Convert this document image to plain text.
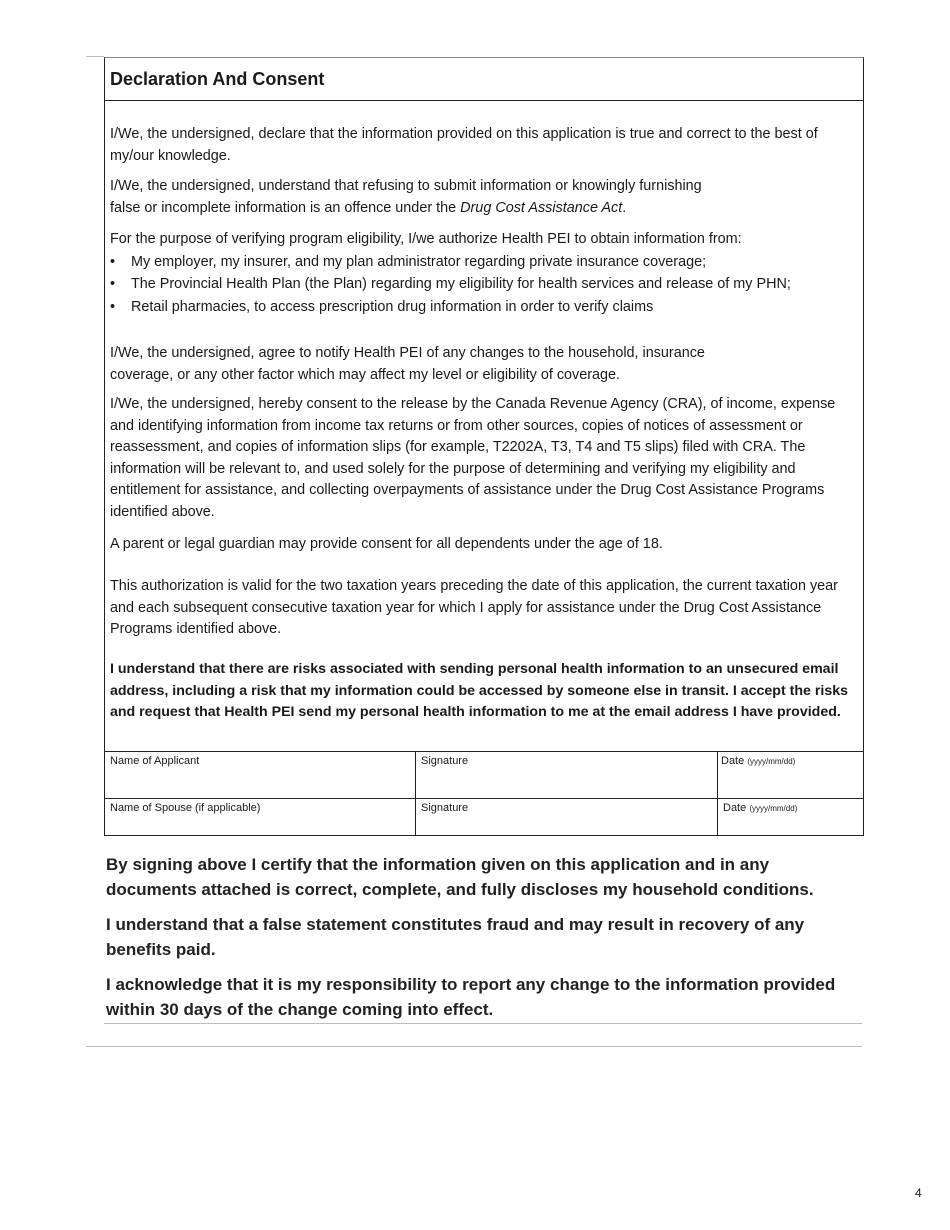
Declaration And Consent

I/We, the undersigned, declare that the information provided on this application is true and correct to the best of my/our knowledge.

I/We, the undersigned, understand that refusing to submit information or knowingly furnishing false or incomplete information is an offence under the Drug Cost Assistance Act.

For the purpose of verifying program eligibility, I/we authorize Health PEI to obtain information from:

• My employer, my insurer, and my plan administrator regarding private insurance coverage;
• The Provincial Health Plan (the Plan) regarding my eligibility for health services and release of my PHN;
• Retail pharmacies, to access prescription drug information in order to verify claims

I/We, the undersigned, agree to notify Health PEI of any changes to the household, insurance coverage, or any other factor which may affect my level or eligibility of coverage.

I/We, the undersigned, hereby consent to the release by the Canada Revenue Agency (CRA), of income, expense and identifying information from income tax returns or from other sources, copies of notices of assessment or reassessment, and copies of information slips (for example, T2202A, T3, T4 and T5 slips) filed with CRA. The information will be relevant to, and used solely for the purpose of determining and verifying my eligibility and entitlement for assistance, and collecting overpayments of assistance under the Drug Cost Assistance Programs identified above.

A parent or legal guardian may provide consent for all dependents under the age of 18.

This authorization is valid for the two taxation years preceding the date of this application, the current taxation year and each subsequent consecutive taxation year for which I apply for assistance under the Drug Cost Assistance Programs identified above.

I understand that there are risks associated with sending personal health information to an unsecured email address, including a risk that my information could be accessed by someone else in transit. I accept the risks and request that Health PEI send my personal health information to me at the email address I have provided.

Name of Applicant	Signature	Date (yyyy/mm/dd)
Name of Spouse (if applicable)	Signature	Date (yyyy/mm/dd)

By signing above I certify that the information given on this application and in any documents attached is correct, complete, and fully discloses my household conditions.

I understand that a false statement constitutes fraud and may result in recovery of any benefits paid.

I acknowledge that it is my responsibility to report any change to the information provided within 30 days of the change coming into effect.

4
